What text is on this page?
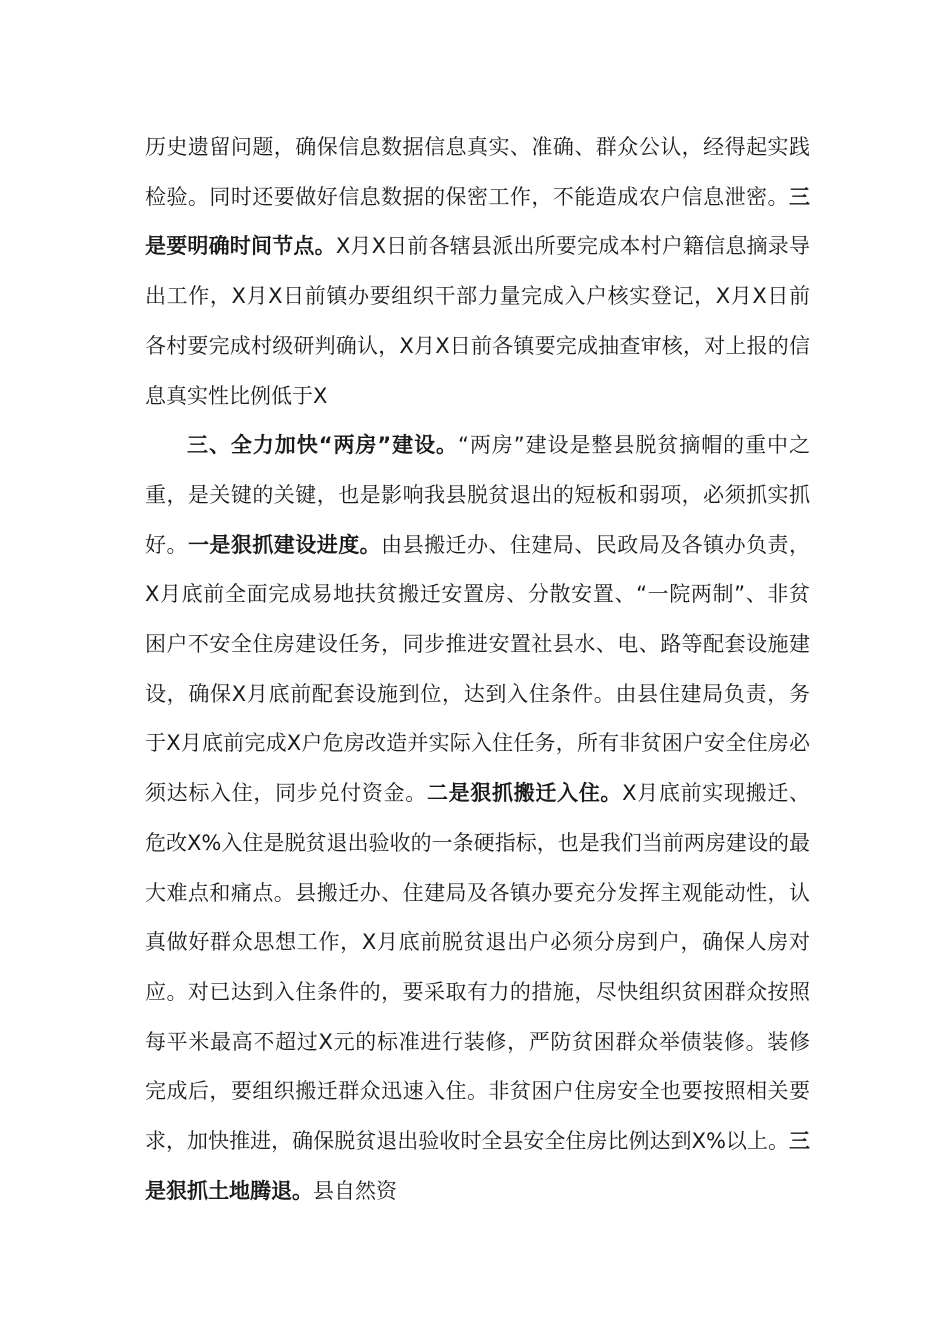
历史遗留问题，确保信息数据信息真实、准确、群众公认，经得起实践检验。同时还要做好信息数据的保密工作，不能造成农户信息泄密。三是要明确时间节点。X月X日前各辖县派出所要完成本村户籍信息摘录导出工作，X月X日前镇办要组织干部力量完成入户核实登记，X月X日前各村要完成村级研判确认，X月X日前各镇要完成抽查审核，对上报的信息真实性比例低于X

三、全力加快“两房”建设。“两房”建设是整县脱贫摘帽的重中之重，是关键的关键，也是影响我县脱贫退出的短板和弱项，必须抓实抓好。一是狠抓建设进度。由县搬迁办、住建局、民政局及各镇办负责，X月底前全面完成易地扶贫搬迁安置房、分散安置、“一院两制”、非贫困户不安全住房建设任务，同步推进安置社县水、电、路等配套设施建设，确保X月底前配套设施到位，达到入住条件。由县住建局负责，务于X月底前完成X户危房改造并实际入住任务，所有非贫困户安全住房必须达标入住，同步兑付资金。二是狠抓搬迁入住。X月底前实现搬迁、危改X%入住是脱贫退出验收的一条硬指标，也是我们当前两房建设的最大难点和痛点。县搬迁办、住建局及各镇办要充分发挥主观能动性，认真做好群众思想工作，X月底前脱贫退出户必须分房到户，确保人房对应。对已达到入住条件的，要采取有力的措施，尽快组织贫困群众按照每平米最高不超过X元的标准进行装修，严防贫困群众举债装修。装修完成后，要组织搬迁群众迅速入住。非贫困户住房安全也要按照相关要求，加快推进，确保脱贫退出验收时全县安全住房比例达到X%以上。三是狠抓土地腾退。县自然资
